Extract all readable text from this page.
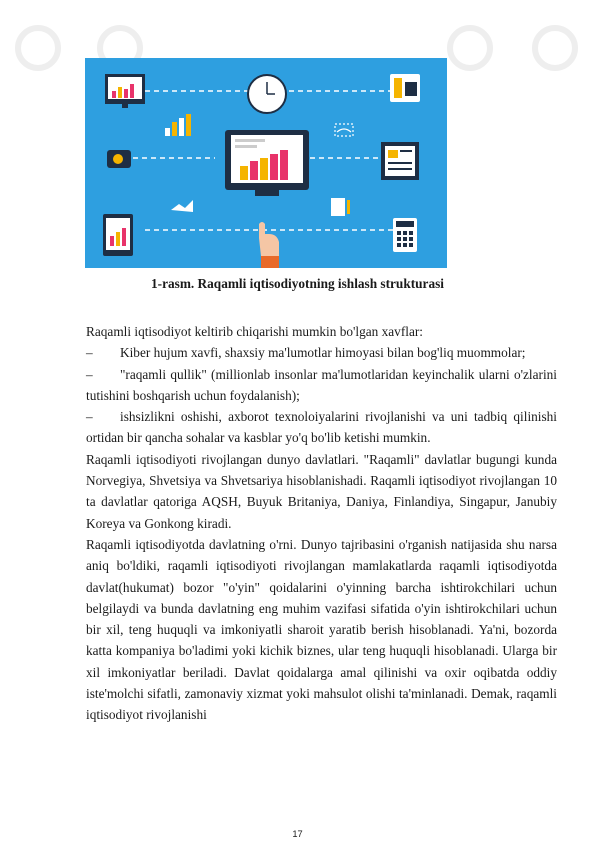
1-rasm. Raqamli iqtisodiyotning ishlash strukturasi

Raqamli iqtisodiyot keltirib chiqarishi mumkin bo'lgan xavflar:

– Kiber hujum xavfi, shaxsiy ma'lumotlar himoyasi bilan bog'liq muommolar;

– "raqamli qullik" (millionlab insonlar ma'lumotlaridan keyinchalik ularni o'zlarini tutishini boshqarish uchun foydalanish);

– ishsizlikni oshishi, axborot texnoloiyalarini rivojlanishi va uni tadbiq qilinishi ortidan bir qancha sohalar va kasblar yo'q bo'lib ketishi mumkin.

Raqamli iqtisodiyoti rivojlangan dunyo davlatlari. "Raqamli" davlatlar bugungi kunda Norvegiya, Shvetsiya va Shvetsariya hisoblanishadi. Raqamli iqtisodiyot rivojlangan 10 ta davlatlar qatoriga AQSH, Buyuk Britaniya, Daniya, Finlandiya, Singapur, Janubiy Koreya va Gonkong kiradi.

Raqamli iqtisodiyotda davlatning o'rni. Dunyo tajribasini o'rganish natijasida shu narsa aniq bo'ldiki, raqamli iqtisodiyoti rivojlangan mamlakatlarda raqamli iqtisodiyotda davlat(hukumat) bozor "o'yin" qoidalarini o'yinning barcha ishtirokchilari uchun belgilaydi va bunda davlatning eng muhim vazifasi sifatida o'yin ishtirokchilari uchun bir xil, teng huquqli va imkoniyatli sharoit yaratib berish hisoblanadi. Ya'ni, bozorda katta kompaniya bo'ladimi yoki kichik biznes, ular teng huquqli hisoblanadi. Ularga bir xil imkoniyatlar beriladi. Davlat qoidalarga amal qilinishi va oxir oqibatda oddiy iste'molchi sifatli, zamonaviy xizmat yoki mahsulot olishi ta'minlanadi. Demak, raqamli iqtisodiyot rivojlanishi

17
